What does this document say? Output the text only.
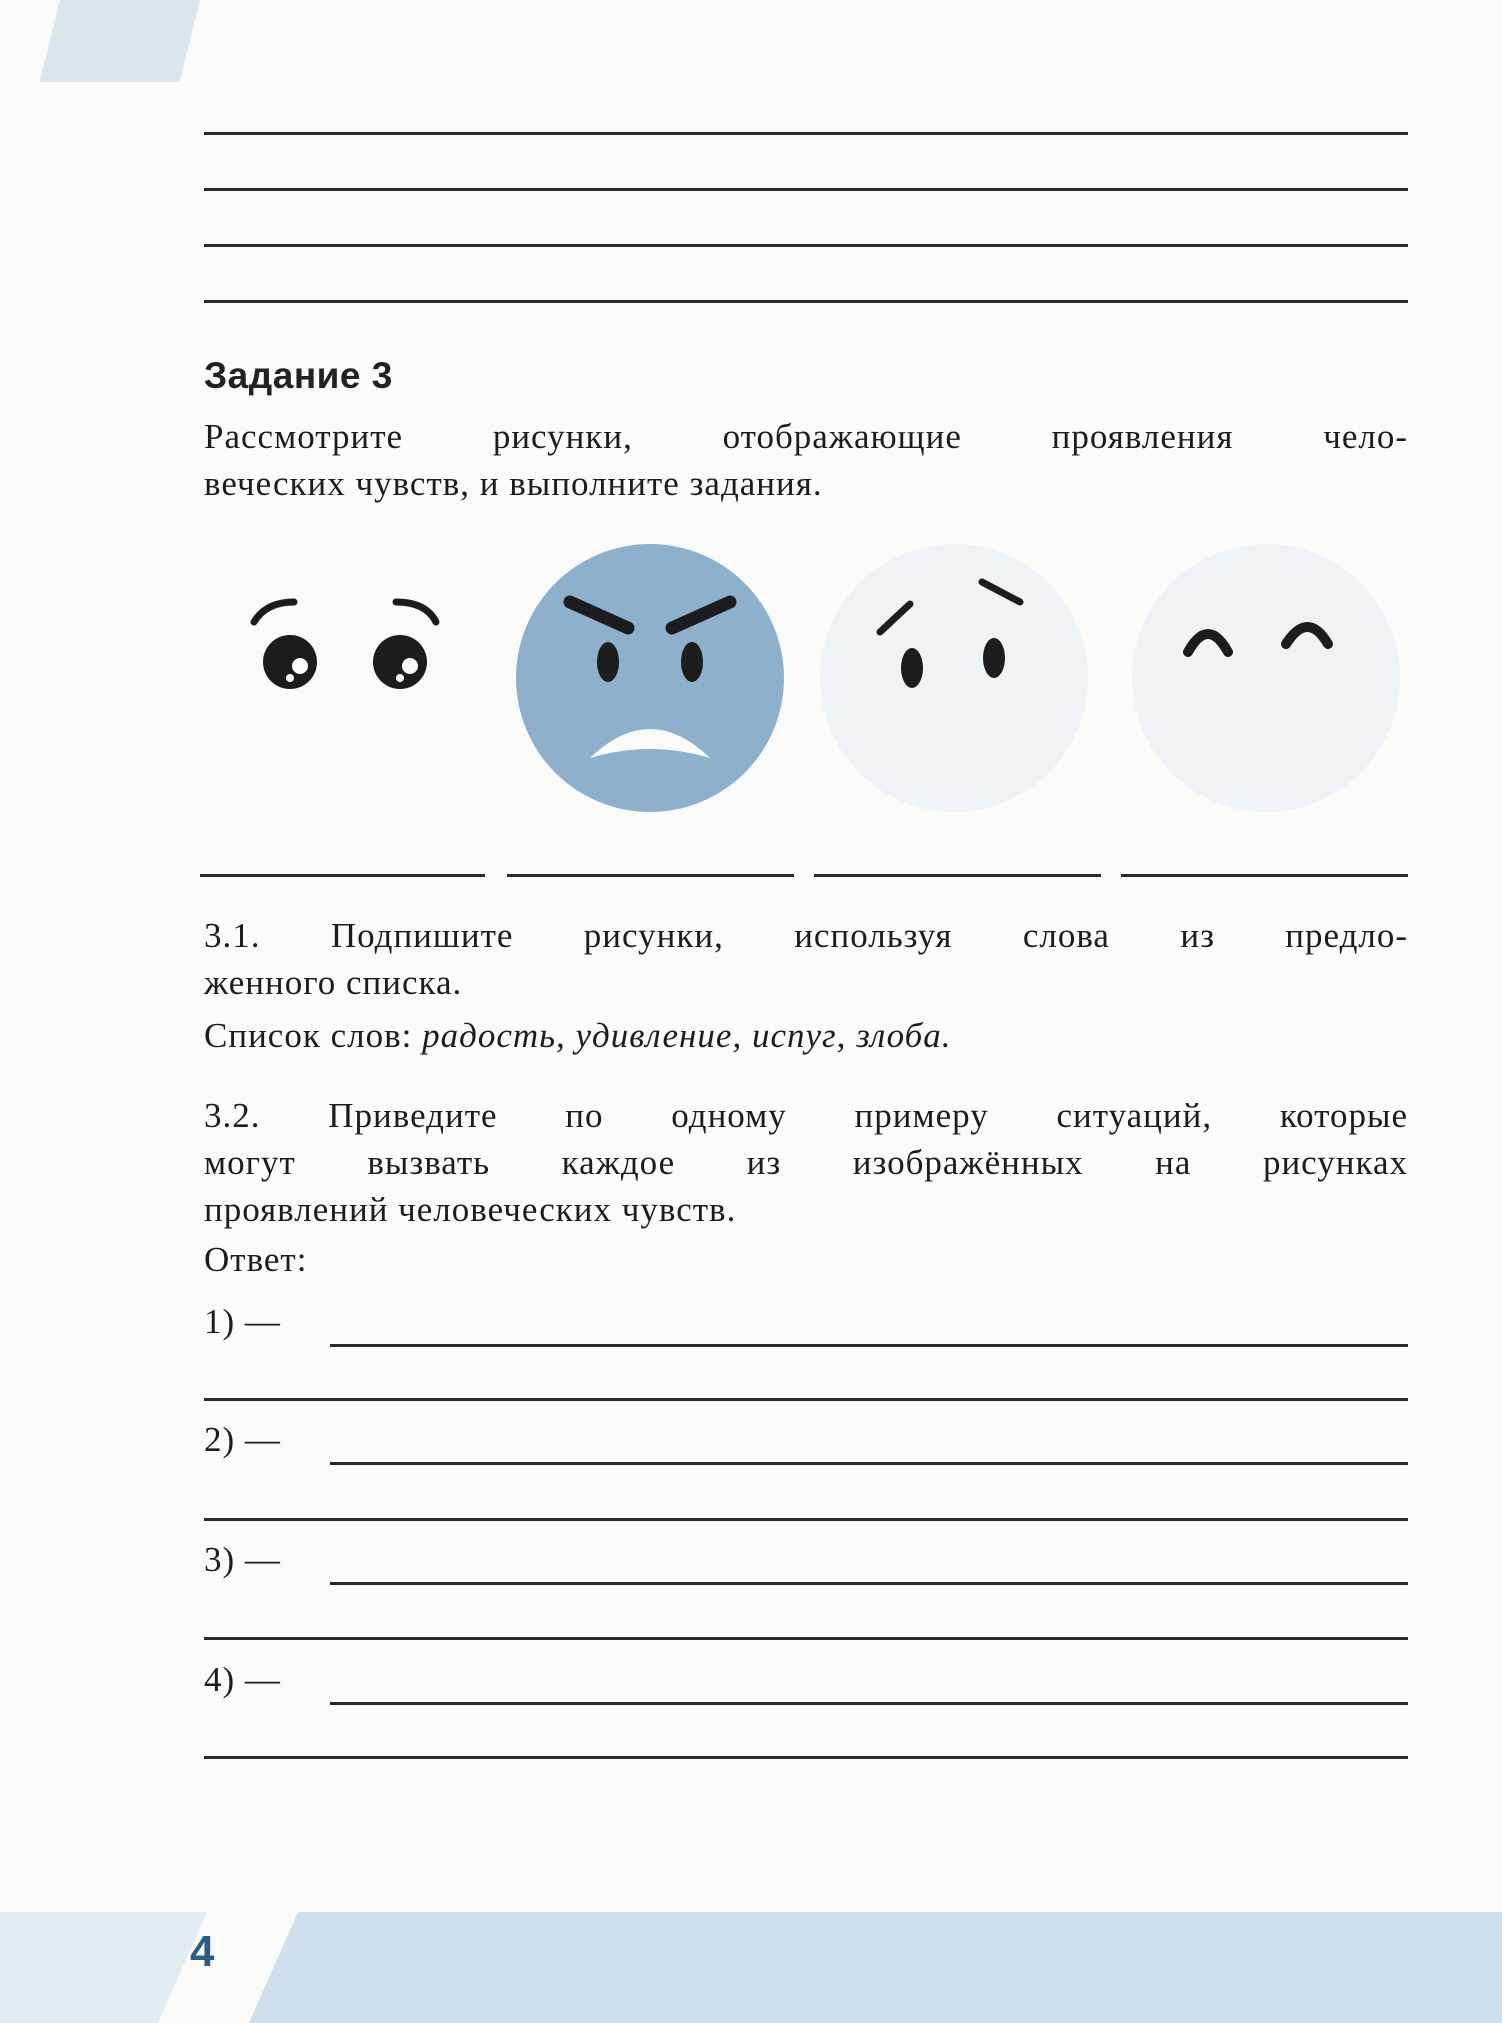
Задание 3
Рассмотрите рисунки, отображающие проявления чело-
веческих чувств, и выполните задания.
3.1. Подпишите рисунки, используя слова из предло-
женного списка.
Список слов: радость, удивление, испуг, злоба.
3.2. Приведите по одному примеру ситуаций, которые
могут вызвать каждое из изображённых на рисунках
проявлений человеческих чувств.
Ответ:
1) —
2) —
3) —
4) —
4
